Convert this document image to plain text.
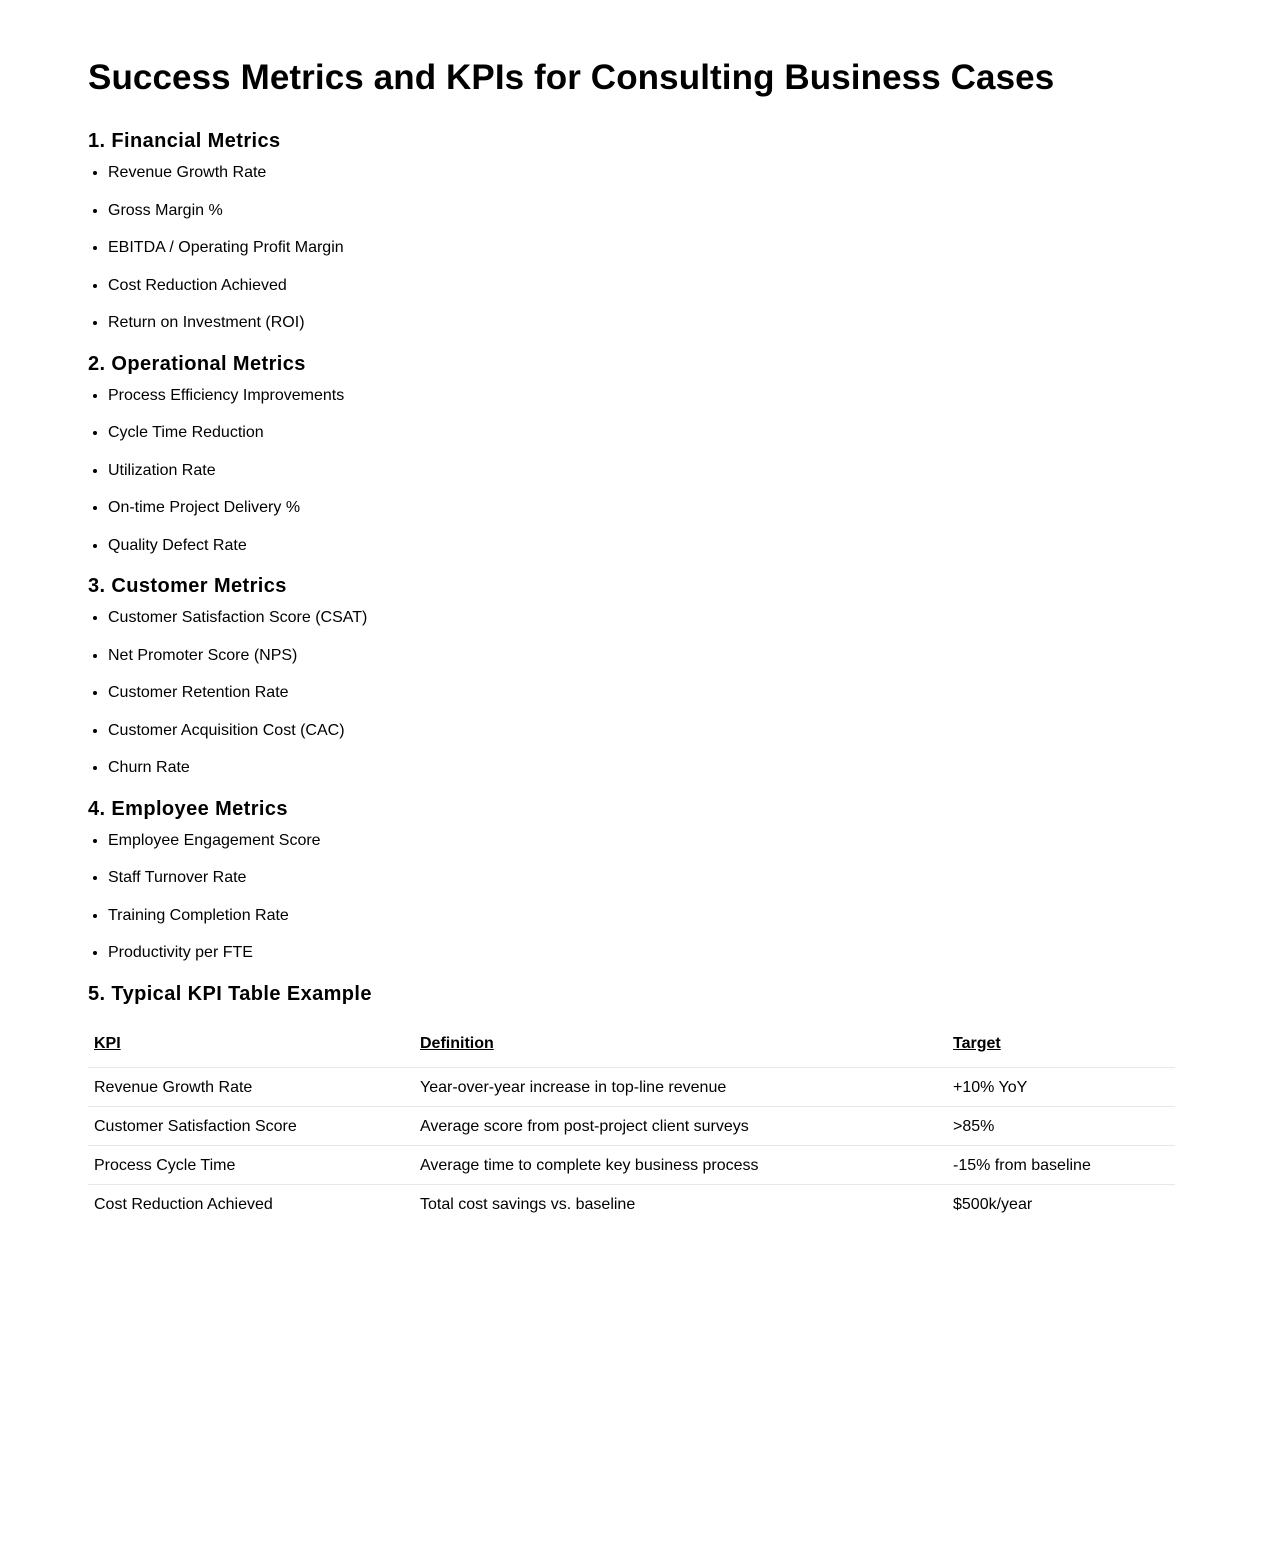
Success Metrics and KPIs for Consulting Business Cases
1. Financial Metrics
• Revenue Growth Rate
• Gross Margin %
• EBITDA / Operating Profit Margin
• Cost Reduction Achieved
• Return on Investment (ROI)
2. Operational Metrics
• Process Efficiency Improvements
• Cycle Time Reduction
• Utilization Rate
• On-time Project Delivery %
• Quality Defect Rate
3. Customer Metrics
• Customer Satisfaction Score (CSAT)
• Net Promoter Score (NPS)
• Customer Retention Rate
• Customer Acquisition Cost (CAC)
• Churn Rate
4. Employee Metrics
• Employee Engagement Score
• Staff Turnover Rate
• Training Completion Rate
• Productivity per FTE
5. Typical KPI Table Example
KPI	Definition	Target
Revenue Growth Rate	Year-over-year increase in top-line revenue	+10% YoY
Customer Satisfaction Score	Average score from post-project client surveys	>85%
Process Cycle Time	Average time to complete key business process	-15% from baseline
Cost Reduction Achieved	Total cost savings vs. baseline	$500k/year
